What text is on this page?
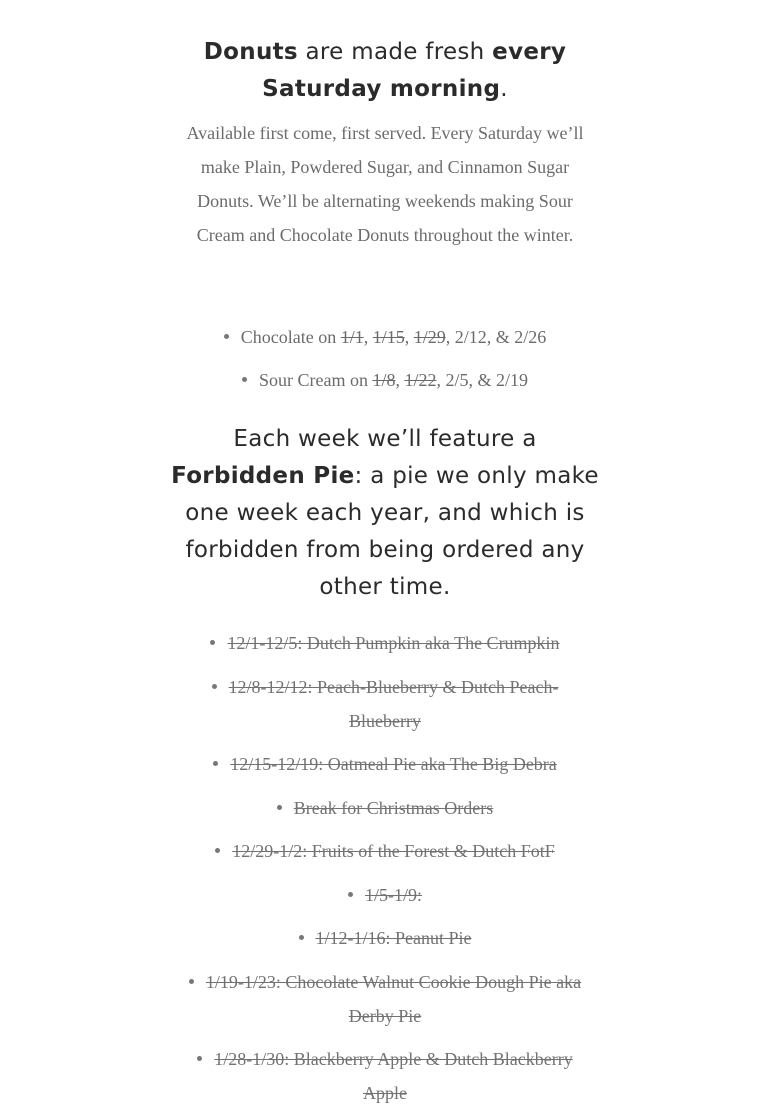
Donuts are made fresh every Saturday morning.

Available first come, first served. Every Saturday we’ll make Plain, Powdered Sugar, and Cinnamon Sugar Donuts. We’ll be alternating weekends making Sour Cream and Chocolate Donuts throughout the winter.

Chocolate on 1/1, 1/15, 1/29, 2/12, & 2/26
Sour Cream on 1/8, 1/22, 2/5, & 2/19
Each week we’ll feature a Forbidden Pie: a pie we only make one week each year, and which is forbidden from being ordered any other time.
12/1-12/5: Dutch Pumpkin aka The Crumpkin
12/8-12/12: Peach-Blueberry & Dutch Peach-Blueberry
12/15-12/19: Oatmeal Pie aka The Big Debra
Break for Christmas Orders
12/29-1/2: Fruits of the Forest & Dutch FotF
1/5-1/9:
1/12-1/16: Peanut Pie
1/19-1/23: Chocolate Walnut Cookie Dough Pie aka Derby Pie
1/28-1/30: Blackberry Apple & Dutch Blackberry Apple
